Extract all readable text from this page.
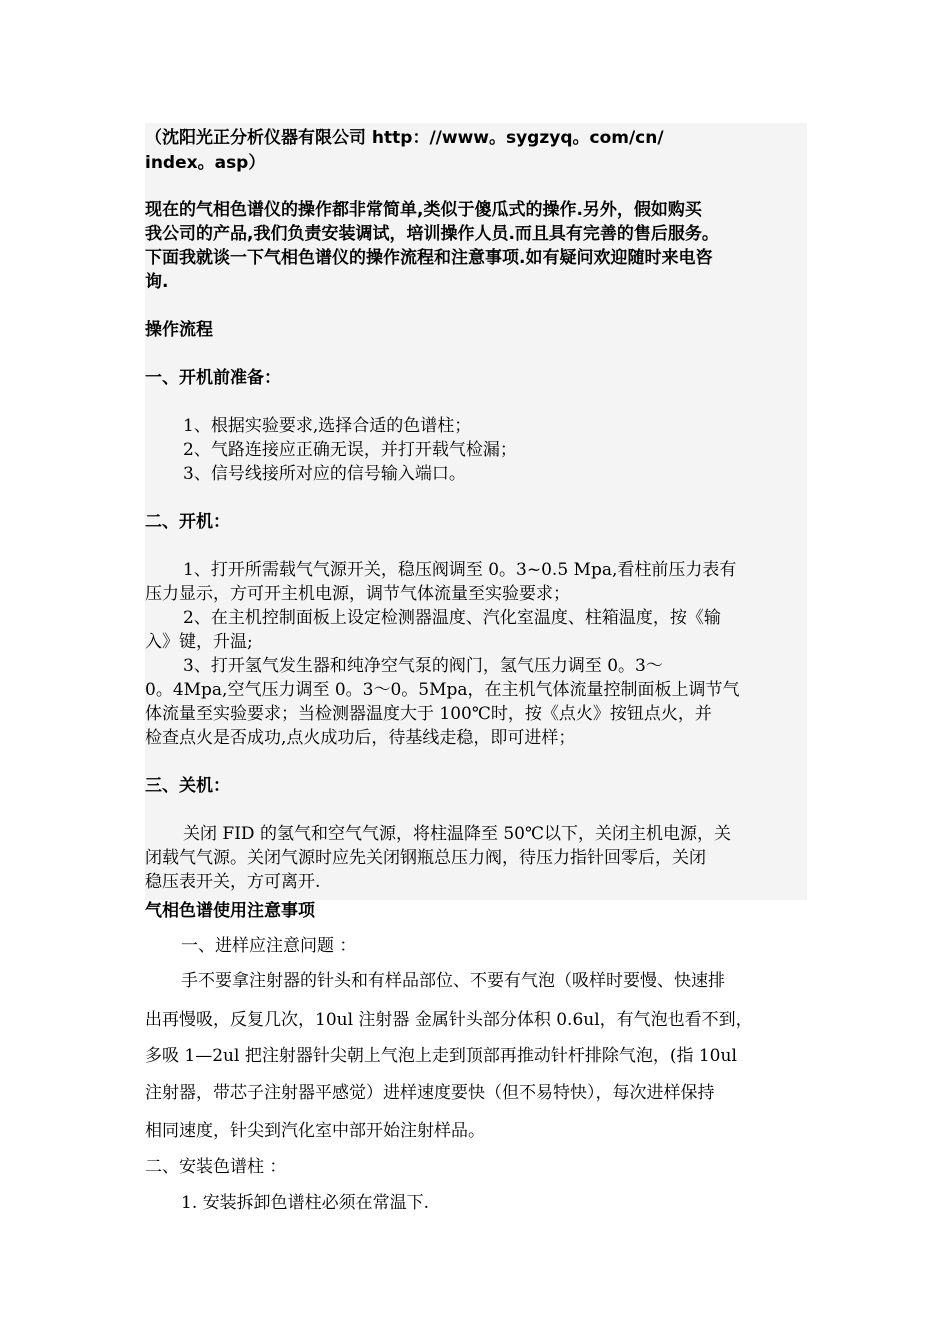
（沈阳光正分析仪器有限公司 http：//www。sygzyq。com/cn/
index。asp）
现在的气相色谱仪的操作都非常简单,类似于傻瓜式的操作.另外，假如购买
我公司的产品,我们负责安装调试，培训操作人员.而且具有完善的售后服务。
下面我就谈一下气相色谱仪的操作流程和注意事项.如有疑问欢迎随时来电咨
询.
操作流程
一、开机前准备：
1、根据实验要求,选择合适的色谱柱；
2、气路连接应正确无误，并打开载气检漏；
3、信号线接所对应的信号输入端口。
二、开机：
1、打开所需载气气源开关，稳压阀调至 0。3~0.5 Mpa,看柱前压力表有
压力显示，方可开主机电源，调节气体流量至实验要求；
2、在主机控制面板上设定检测器温度、汽化室温度、柱箱温度，按《输
入》键，升温;
3、打开氢气发生器和纯净空气泵的阀门，氢气压力调至 0。3～
0。4Mpa,空气压力调至 0。3～0。5Mpa，在主机气体流量控制面板上调节气
体流量至实验要求；当检测器温度大于 100℃时，按《点火》按钮点火，并
检查点火是否成功,点火成功后，待基线走稳，即可进样；
三、关机：
关闭 FID 的氢气和空气气源，将柱温降至 50℃以下，关闭主机电源，关
闭载气气源。关闭气源时应先关闭钢瓶总压力阀，待压力指针回零后，关闭
稳压表开关，方可离开.
气相色谱使用注意事项
一、进样应注意问题 ：
手不要拿注射器的针头和有样品部位、不要有气泡（吸样时要慢、快速排
出再慢吸，反复几次，10ul 注射器 金属针头部分体积 0.6ul，有气泡也看不到，
多吸 1—2ul 把注射器针尖朝上气泡上走到顶部再推动针杆排除气泡，(指 10ul
注射器，带芯子注射器平感觉）进样速度要快（但不易特快），每次进样保持
相同速度，针尖到汽化室中部开始注射样品。
二、安装色谱柱 ：
1. 安装拆卸色谱柱必须在常温下.
